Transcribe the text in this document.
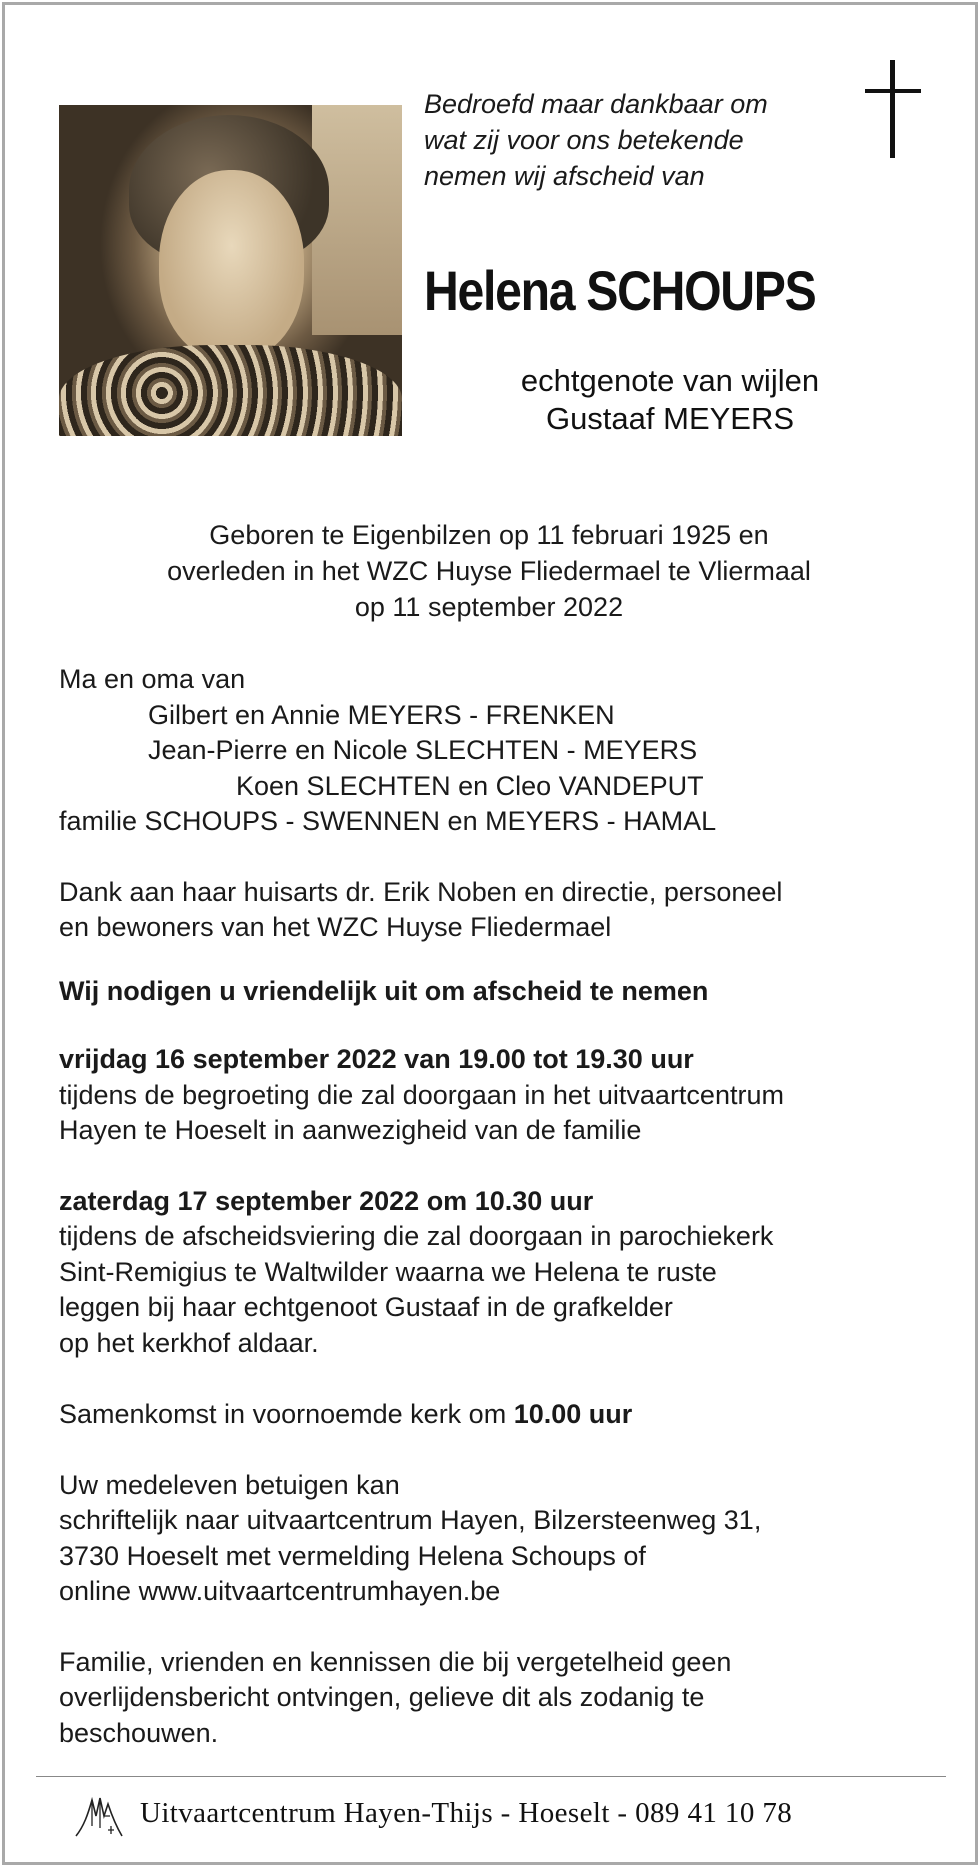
Bedroefd maar dankbaar om
wat zij voor ons betekende
nemen wij afscheid van
Helena SCHOUPS
echtgenote van wijlen
Gustaaf MEYERS
Geboren te Eigenbilzen op 11 februari 1925 en
overleden in het WZC Huyse Fliedermael te Vliermaal
op 11 september 2022
Ma en oma van
Gilbert en Annie MEYERS - FRENKEN
Jean-Pierre en Nicole SLECHTEN - MEYERS
Koen SLECHTEN en Cleo VANDEPUT
familie SCHOUPS - SWENNEN en MEYERS - HAMAL
Dank aan haar huisarts dr. Erik Noben en directie, personeel
en bewoners van het WZC Huyse Fliedermael
Wij nodigen u vriendelijk uit om afscheid te nemen
vrijdag 16 september 2022 van 19.00 tot 19.30 uur
tijdens de begroeting die zal doorgaan in het uitvaartcentrum
Hayen te Hoeselt in aanwezigheid van de familie
zaterdag 17 september 2022 om 10.30 uur
tijdens de afscheidsviering die zal doorgaan in parochiekerk
Sint-Remigius te Waltwilder waarna we Helena te ruste
leggen bij haar echtgenoot Gustaaf in de grafkelder
op het kerkhof aldaar.
Samenkomst in voornoemde kerk om 10.00 uur
Uw medeleven betuigen kan
schriftelijk naar uitvaartcentrum Hayen, Bilzersteenweg 31,
3730 Hoeselt met vermelding Helena Schoups of
online www.uitvaartcentrumhayen.be
Familie, vrienden en kennissen die bij vergetelheid geen
overlijdensbericht ontvingen, gelieve dit als zodanig te
beschouwen.
Uitvaartcentrum Hayen-Thijs - Hoeselt - 089 41 10 78
